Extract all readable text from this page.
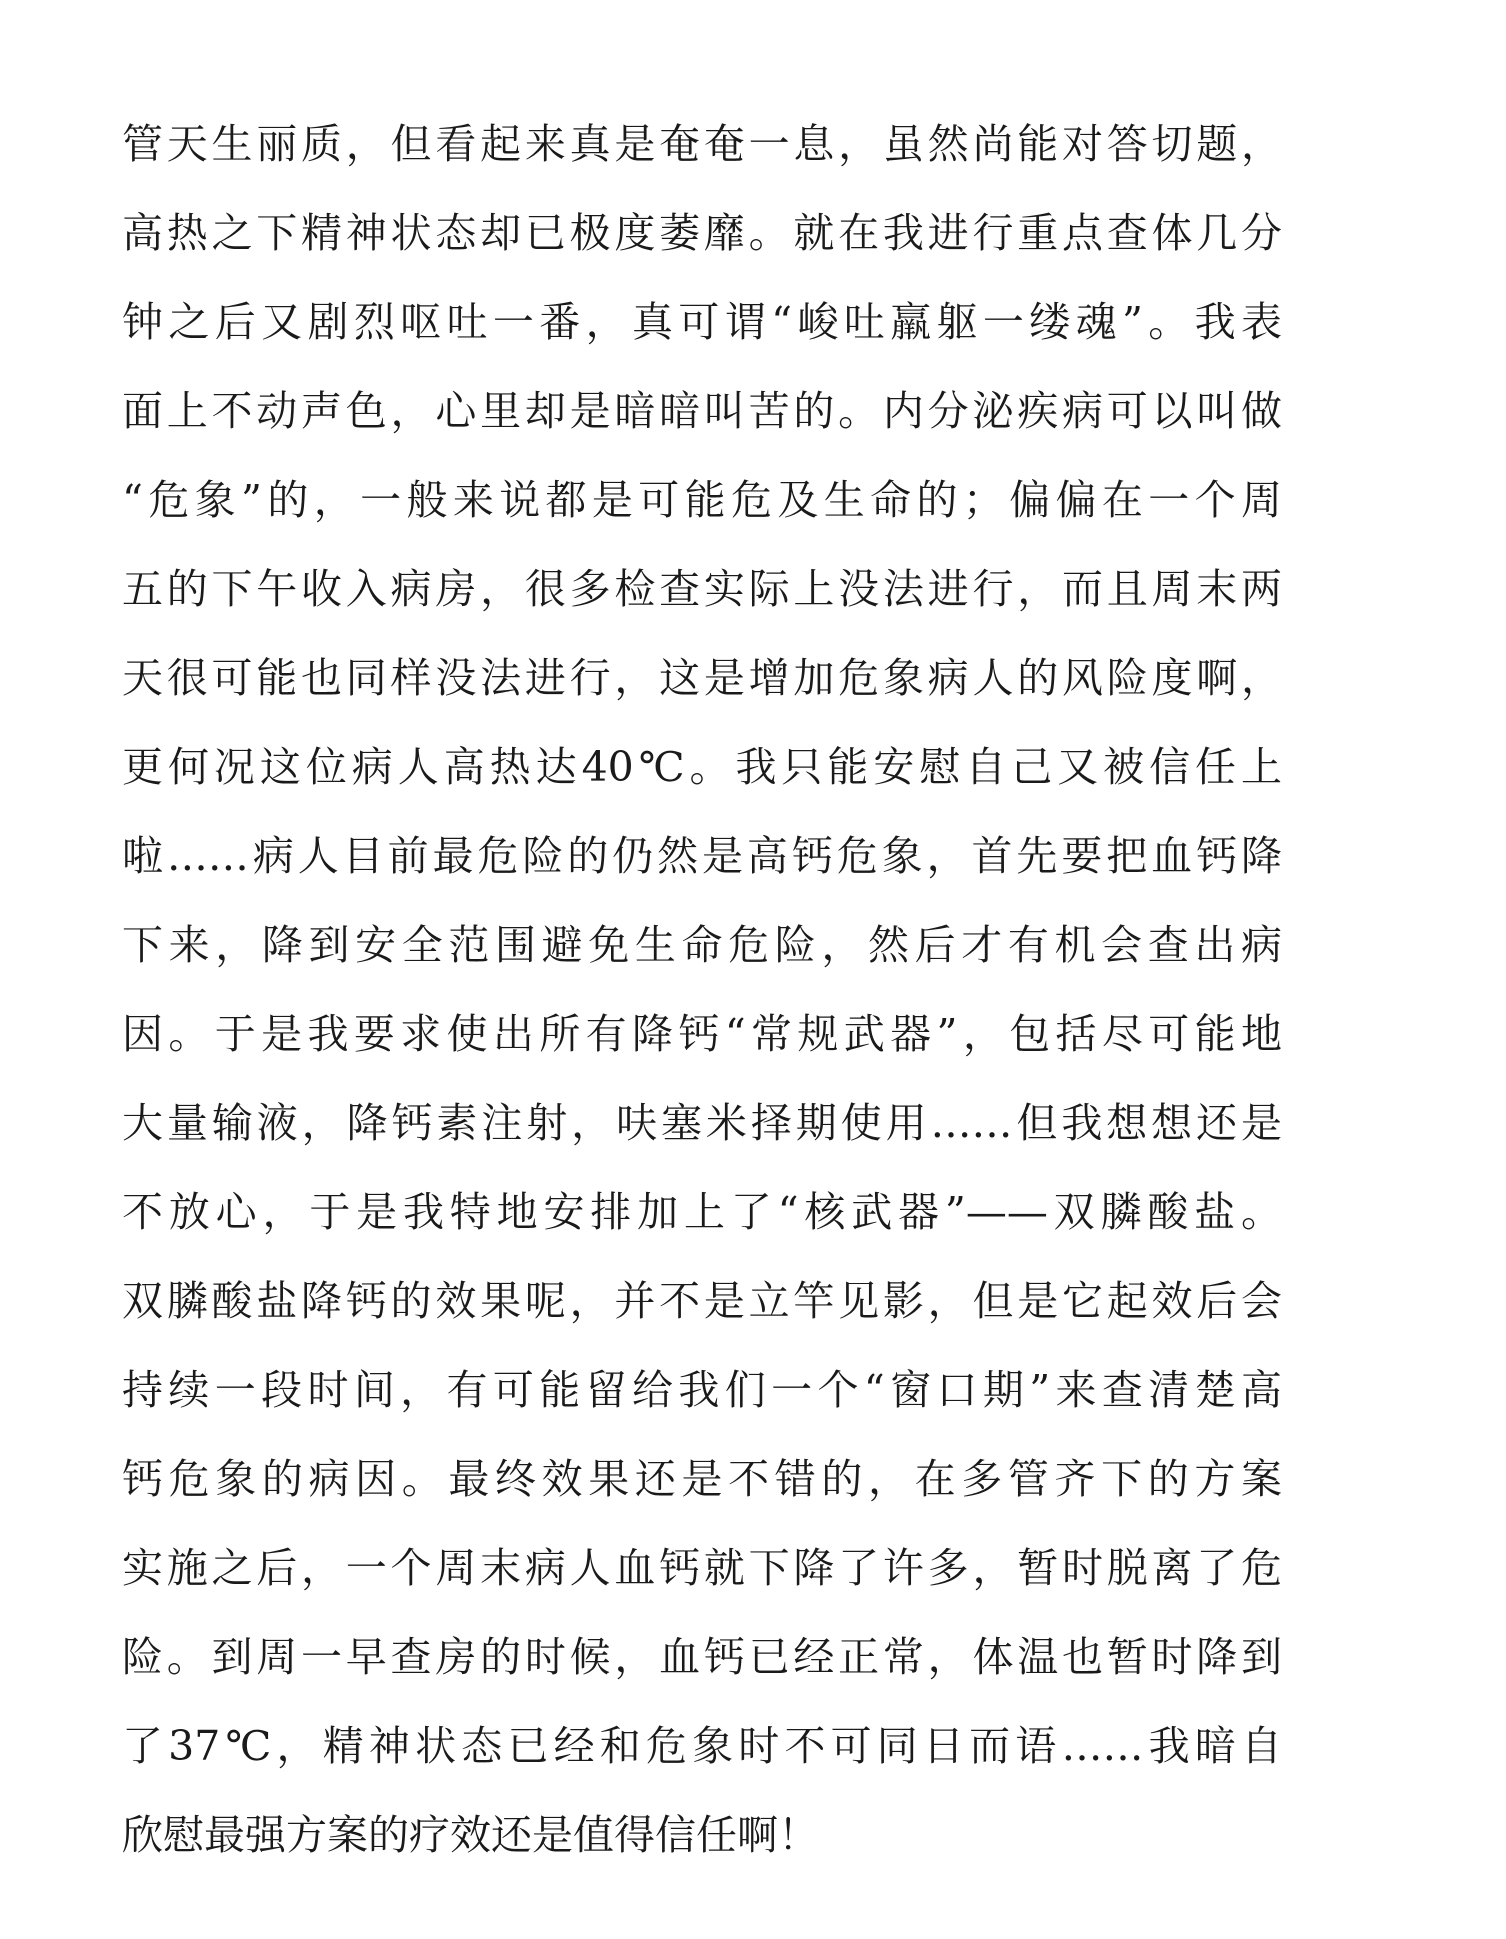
管天生丽质，但看起来真是奄奄一息，虽然尚能对答切题，
高热之下精神状态却已极度萎靡。就在我进行重点查体几分
钟之后又剧烈呕吐一番，真可谓“峻吐羸躯一缕魂”。我表
面上不动声色，心里却是暗暗叫苦的。内分泌疾病可以叫做
“危象”的，一般来说都是可能危及生命的；偏偏在一个周
五的下午收入病房，很多检查实际上没法进行，而且周末两
天很可能也同样没法进行，这是增加危象病人的风险度啊，
更何况这位病人高热达40℃。我只能安慰自己又被信任上
啦……病人目前最危险的仍然是高钙危象，首先要把血钙降
下来，降到安全范围避免生命危险，然后才有机会查出病
因。于是我要求使出所有降钙“常规武器”，包括尽可能地
大量输液，降钙素注射，呋塞米择期使用……但我想想还是
不放心，于是我特地安排加上了“核武器”——双膦酸盐。
双膦酸盐降钙的效果呢，并不是立竿见影，但是它起效后会
持续一段时间，有可能留给我们一个“窗口期”来查清楚高
钙危象的病因。最终效果还是不错的，在多管齐下的方案
实施之后，一个周末病人血钙就下降了许多，暂时脱离了危
险。到周一早查房的时候，血钙已经正常，体温也暂时降到
了37℃，精神状态已经和危象时不可同日而语……我暗自
欣慰最强方案的疗效还是值得信任啊！
